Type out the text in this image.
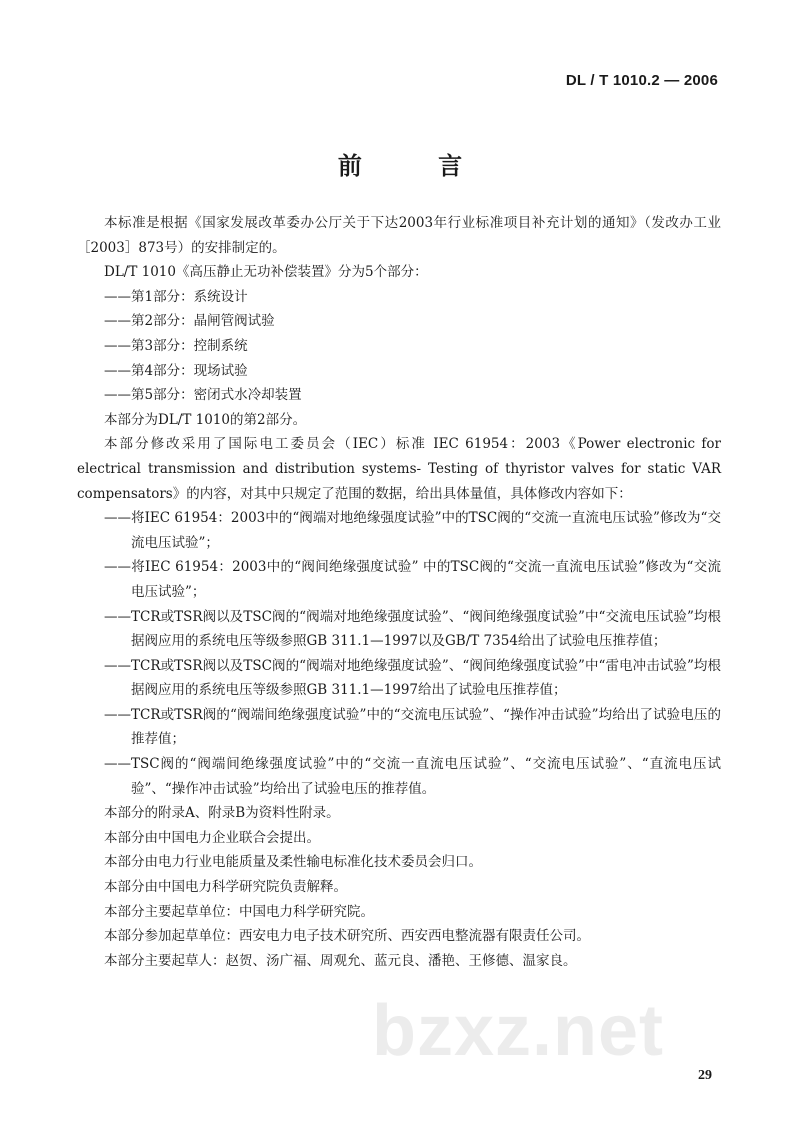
DL / T 1010.2 — 2006
前 言

本标准是根据《国家发展改革委办公厅关于下达2003年行业标准项目补充计划的通知》（发改办工业［2003］873号）的安排制定的。

DL/T 1010《高压静止无功补偿装置》分为5个部分：

——第1部分：系统设计

——第2部分：晶闸管阀试验

——第3部分：控制系统

——第4部分：现场试验

——第5部分：密闭式水冷却装置

本部分为DL/T 1010的第2部分。

本部分修改采用了国际电工委员会（IEC）标准 IEC 61954：2003《Power electronic for electrical transmission and distribution systems- Testing of thyristor valves for static VAR compensators》的内容，对其中只规定了范围的数据，给出具体量值，具体修改内容如下：

——将IEC 61954：2003中的“阀端对地绝缘强度试验”中的TSC阀的“交流一直流电压试验”修改为“交流电压试验”；

——将IEC 61954：2003中的“阀间绝缘强度试验” 中的TSC阀的“交流一直流电压试验”修改为“交流电压试验”；

——TCR或TSR阀以及TSC阀的“阀端对地绝缘强度试验”、“阀间绝缘强度试验”中“交流电压试验”均根据阀应用的系统电压等级参照GB 311.1—1997以及GB/T 7354给出了试验电压推荐值；

——TCR或TSR阀以及TSC阀的“阀端对地绝缘强度试验”、“阀间绝缘强度试验”中“雷电冲击试验”均根据阀应用的系统电压等级参照GB 311.1—1997给出了试验电压推荐值；

——TCR或TSR阀的“阀端间绝缘强度试验”中的“交流电压试验”、“操作冲击试验”均给出了试验电压的推荐值；

——TSC阀的“阀端间绝缘强度试验”中的“交流一直流电压试验”、“交流电压试验”、“直流电压试验”、“操作冲击试验”均给出了试验电压的推荐值。

本部分的附录A、附录B为资料性附录。

本部分由中国电力企业联合会提出。

本部分由电力行业电能质量及柔性输电标准化技术委员会归口。

本部分由中国电力科学研究院负责解释。

本部分主要起草单位：中国电力科学研究院。

本部分参加起草单位：西安电力电子技术研究所、西安西电整流器有限责任公司。

本部分主要起草人：赵贺、汤广福、周观允、蓝元良、潘艳、王修德、温家良。

bzxz.net
29
